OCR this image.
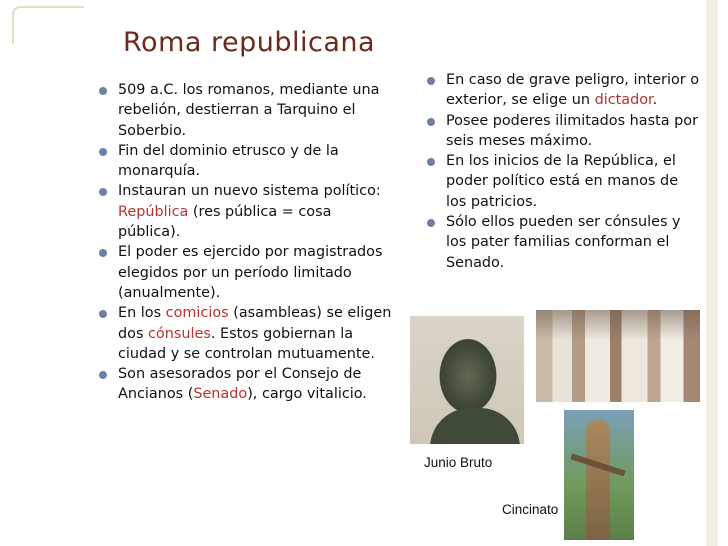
Roma republicana
509 a.C. los romanos, mediante una rebelión, destierran a Tarquino el Soberbio.
Fin del dominio etrusco y de la monarquía.
Instauran un nuevo sistema político: República (res pública = cosa pública).
El poder es ejercido por magistrados elegidos por un período limitado (anualmente).
En los comicios (asambleas) se eligen dos cónsules. Estos gobiernan la ciudad y se controlan mutuamente.
Son asesorados por el Consejo de Ancianos (Senado), cargo vitalicio.
En caso de grave peligro, interior o exterior, se elige un dictador.
Posee poderes ilimitados hasta por seis meses máximo.
En los inicios de la República, el poder político está en manos de los patricios.
Sólo ellos pueden ser cónsules y los pater familias conforman el Senado.
Junio Bruto
Cincinato
